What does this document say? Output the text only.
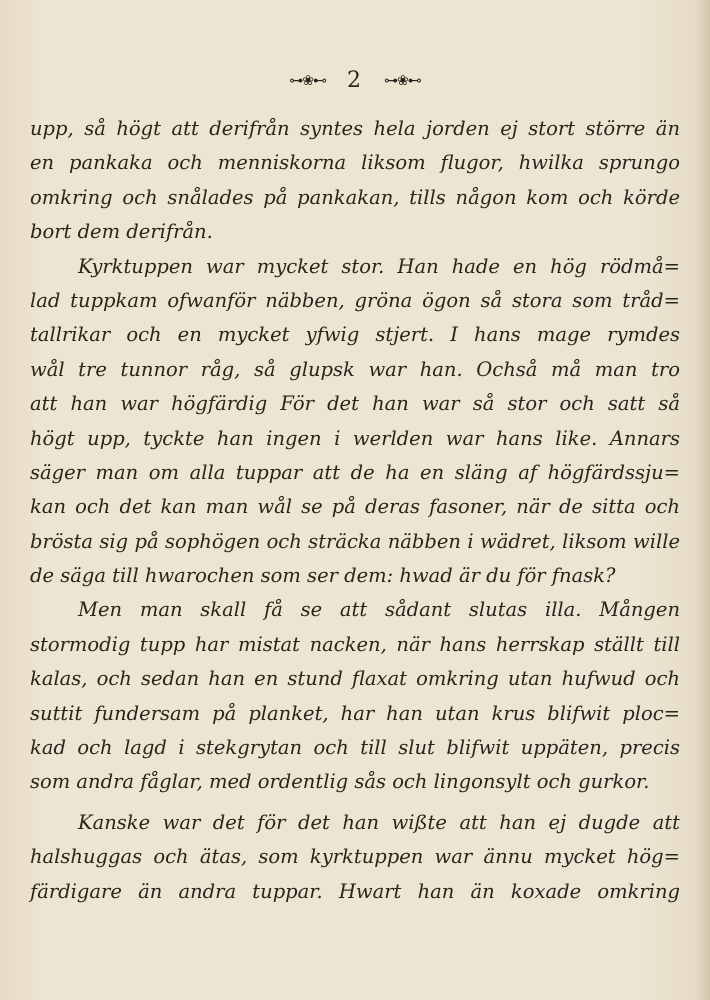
⊶❀⊷ 2 ⊶❀⊷

upp, så högt att derifrån syntes hela jorden ej stort större än
en pankaka och menniskorna liksom flugor, hwilka sprungo
omkring och snålades på pankakan, tills någon kom och körde
bort dem derifrån.

Kyrktuppen war mycket stor. Han hade en hög rödmå=
lad tuppkam ofwanför näbben, gröna ögon så stora som tråd=
tallrikar och en mycket yfwig stjert. I hans mage rymdes
wål tre tunnor råg, så glupsk war han. Ochså må man tro
att han war högfärdig För det han war så stor och satt så
högt upp, tyckte han ingen i werlden war hans like. Annars
säger man om alla tuppar att de ha en släng af högfärdssju=
kan och det kan man wål se på deras fasoner, när de sitta och
brösta sig på sophögen och sträcka näbben i wädret, liksom wille
de säga till hwarochen som ser dem: hwad är du för fnask?

Men man skall få se att sådant slutas illa. Mången
stormodig tupp har mistat nacken, när hans herrskap ställt till
kalas, och sedan han en stund flaxat omkring utan hufwud och
suttit fundersam på planket, har han utan krus blifwit ploc=
kad och lagd i stekgrytan och till slut blifwit uppäten, precis
som andra fåglar, med ordentlig sås och lingonsylt och gurkor.

Kanske war det för det han wißte att han ej dugde att
halshuggas och ätas, som kyrktuppen war ännu mycket hög=
färdigare än andra tuppar. Hwart han än koxade omkring
